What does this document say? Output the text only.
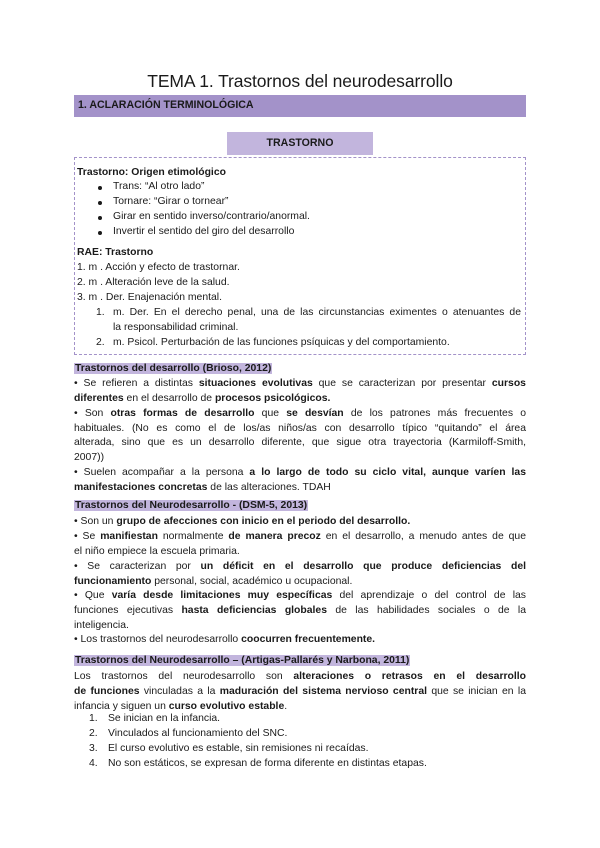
TEMA 1. Trastornos del neurodesarrollo
1. ACLARACIÓN TERMINOLÓGICA
TRASTORNO
Trastorno: Origen etimológico
Trans: “Al otro lado”
Tornare: “Girar o tornear”
Girar en sentido inverso/contrario/anormal.
Invertir el sentido del giro del desarrollo
RAE: Trastorno
1. m . Acción y efecto de trastornar.
2. m . Alteración leve de la salud.
3. m . Der. Enajenación mental.
1. m. Der. En el derecho penal, una de las circunstancias eximentes o atenuantes de
la responsabilidad criminal.
2. m. Psicol. Perturbación de las funciones psíquicas y del comportamiento.
Trastornos del desarrollo (Brioso, 2012)
• Se refieren a distintas situaciones evolutivas que se caracterizan por presentar cursos
diferentes en el desarrollo de procesos psicológicos.
• Son otras formas de desarrollo que se desvían de los patrones más frecuentes o
habituales. (No es como el de los/as niños/as con desarrollo típico “quitando” el área
alterada, sino que es un desarrollo diferente, que sigue otra trayectoria (Karmiloff-Smith,
2007))
• Suelen acompañar a la persona a lo largo de todo su ciclo vital, aunque varíen las
manifestaciones concretas de las alteraciones. TDAH
Trastornos del Neurodesarrollo - (DSM-5, 2013)
• Son un grupo de afecciones con inicio en el periodo del desarrollo.
• Se manifiestan normalmente de manera precoz en el desarrollo, a menudo antes de que
el niño empiece la escuela primaria.
• Se caracterizan por un déficit en el desarrollo que produce deficiencias del
funcionamiento personal, social, académico u ocupacional.
• Que varía desde limitaciones muy específicas del aprendizaje o del control de las
funciones ejecutivas hasta deficiencias globales de las habilidades sociales o de la
inteligencia.
• Los trastornos del neurodesarrollo coocurren frecuentemente.
Trastornos del Neurodesarrollo – (Artigas-Pallarés y Narbona, 2011)
Los trastornos del neurodesarrollo son alteraciones o retrasos en el desarrollo
de funciones vinculadas a la maduración del sistema nervioso central que se inician en la
infancia y siguen un curso evolutivo estable.
1. Se inician en la infancia.
2. Vinculados al funcionamiento del SNC.
3. El curso evolutivo es estable, sin remisiones ni recaídas.
4. No son estáticos, se expresan de forma diferente en distintas etapas.
